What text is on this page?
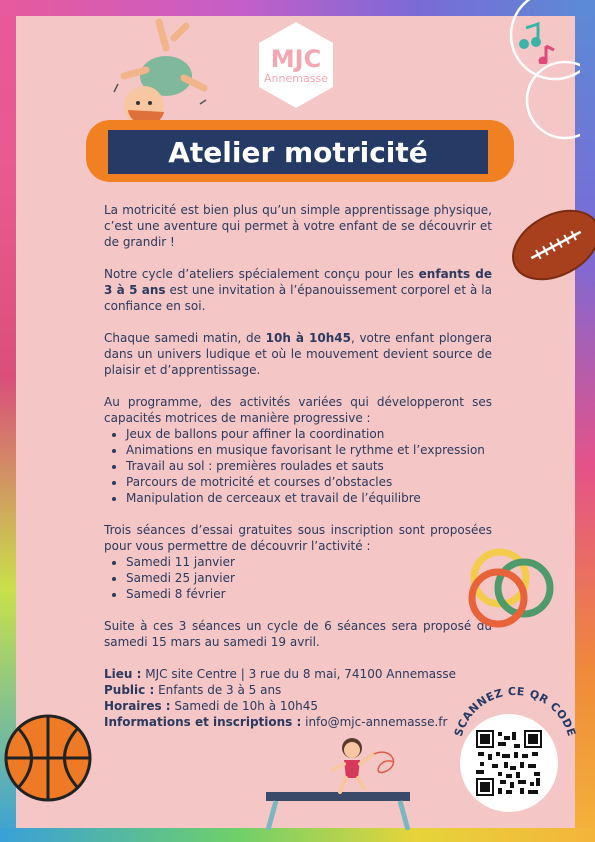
MJC
Annemasse
Atelier motricité

La motricité est bien plus qu’un simple apprentissage physique, c’est une aventure qui permet à votre enfant de se découvrir et de grandir !

Notre cycle d’ateliers spécialement conçu pour les enfants de 3 à 5 ans est une invitation à l’épanouissement corporel et à la confiance en soi.

Chaque samedi matin, de 10h à 10h45, votre enfant plongera dans un univers ludique et où le mouvement devient source de plaisir et d’apprentissage.

Au programme, des activités variées qui développeront ses capacités motrices de manière progressive :

• Jeux de ballons pour affiner la coordination
• Animations en musique favorisant le rythme et l’expression
• Travail au sol : premières roulades et sauts
• Parcours de motricité et courses d’obstacles
• Manipulation de cerceaux et travail de l’équilibre

Trois séances d’essai gratuites sous inscription sont proposées pour vous permettre de découvrir l’activité :

• Samedi 11 janvier
• Samedi 25 janvier
• Samedi 8 février

Suite à ces 3 séances un cycle de 6 séances sera proposé du samedi 15 mars au samedi 19 avril.

Lieu : MJC site Centre | 3 rue du 8 mai, 74100 Annemasse
Public : Enfants de 3 à 5 ans
Horaires : Samedi de 10h à 10h45
Informations et inscriptions : info@mjc-annemasse.fr
SCANNEZ CE QR CODE
